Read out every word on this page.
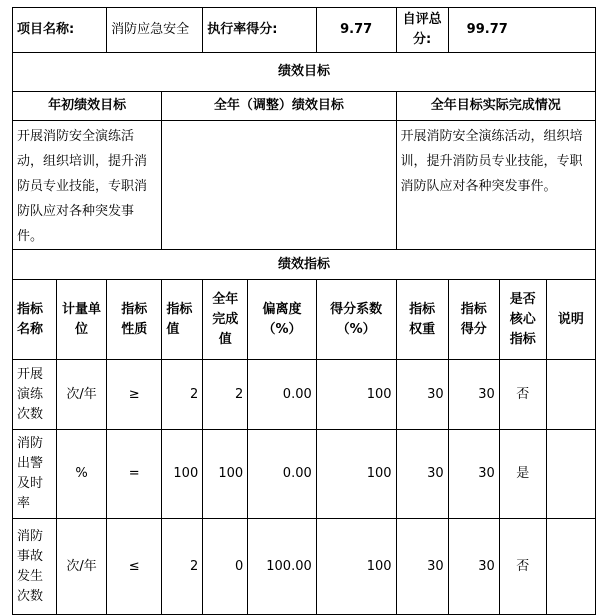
项目名称:		消防应急安全		执行率得分:		9.77	自评总分:	99.77		
绩效目标										
年初绩效目标			全年（调整）绩效目标				全年目标实际完成情况			
开展消防安全演练活动，组织培训，提升消防员专业技能，专职消防队应对各种突发事件。							开展消防安全演练活动，组织培训，提升消防员专业技能，专职消防队应对各种突发事件。			
绩效指标										
指标名称	计量单位	指标性质	指标值	全年完成值	偏离度（%）	得分系数（%）	指标权重	指标得分	是否核心指标	说明
开展演练次数	次/年	≥	2	2	0.00	100	30	30	否	
消防出警及时率	%	=	100	100	0.00	100	30	30	是	
消防事故发生次数	次/年	≤	2	0	100.00	100	30	30	否	
